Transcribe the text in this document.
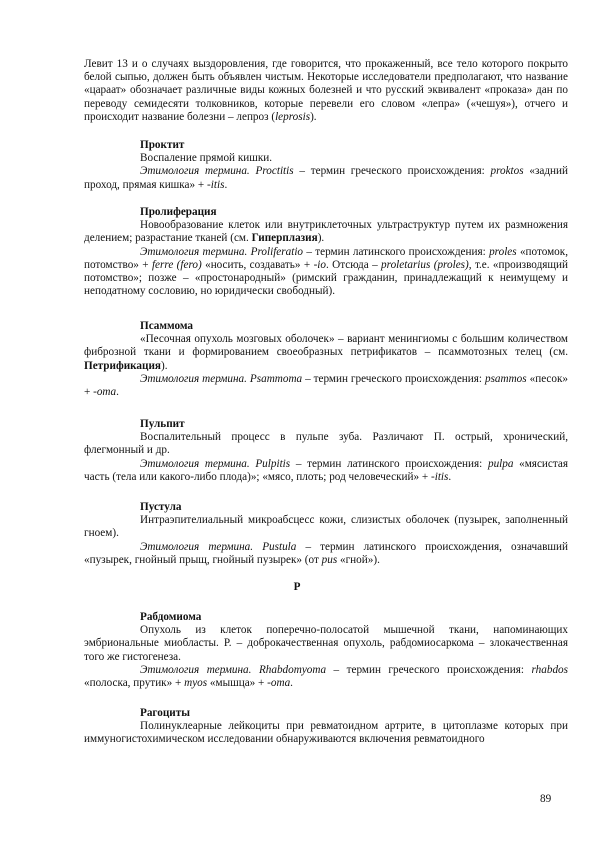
Левит 13 и о случаях выздоровления, где говорится, что прокаженный, все тело которого покрыто белой сыпью, должен быть объявлен чистым. Некоторые исследователи предполагают, что название «цараат» обозначает различные виды кожных болезней и что русский эквивалент «проказа» дан по переводу семидесяти толковников, которые перевели его словом «лепра» («чешуя»), отчего и происходит название болезни – лепроз (leprosis).
Проктит
Воспаление прямой кишки.
Этимология термина. Proctitis – термин греческого происхождения: proktos «задний проход, прямая кишка» + -itis.
Пролиферация
Новообразование клеток или внутриклеточных ультраструктур путем их размножения делением; разрастание тканей (см. Гиперплазия).
Этимология термина. Proliferatio – термин латинского происхождения: proles «потомок, потомство» + ferre (fero) «носить, создавать» + -io. Отсюда – proletarius (proles), т.е. «производящий потомство»; позже – «простонародный» (римский гражданин, принадлежащий к неимущему и неподатному сословию, но юридически свободный).
Псаммома
«Песочная опухоль мозговых оболочек» – вариант менингиомы с большим количеством фиброзной ткани и формированием своеобразных петрификатов – псаммотозных телец (см. Петрификация).
Этимология термина. Psammoma – термин греческого происхождения: psammos «песок» + -oma.
Пульпит
Воспалительный процесс в пульпе зуба. Различают П. острый, хронический, флегмонный и др.
Этимология термина. Pulpitis – термин латинского происхождения: pulpa «мясистая часть (тела или какого-либо плода)»; «мясо, плоть; род человеческий» + -itis.
Пустула
Интраэпителиальный микроабсцесс кожи, слизистых оболочек (пузырек, заполненный гноем).
Этимология термина. Pustula – термин латинского происхождения, означавший «пузырек, гнойный прыщ, гнойный пузырек» (от pus «гной»).
Р
Рабдомиома
Опухоль из клеток поперечно-полосатой мышечной ткани, напоминающих эмбриональные миобласты. Р. – доброкачественная опухоль, рабдомиосаркома – злокачественная того же гистогенеза.
Этимология термина. Rhabdomyoma – термин греческого происхождения: rhabdos «полоска, прутик» + myos «мышца» + -oma.
Рагоциты
Полинуклеарные лейкоциты при ревматоидном артрите, в цитоплазме которых при иммуногистохимическом исследовании обнаруживаются включения ревматоидного
89
